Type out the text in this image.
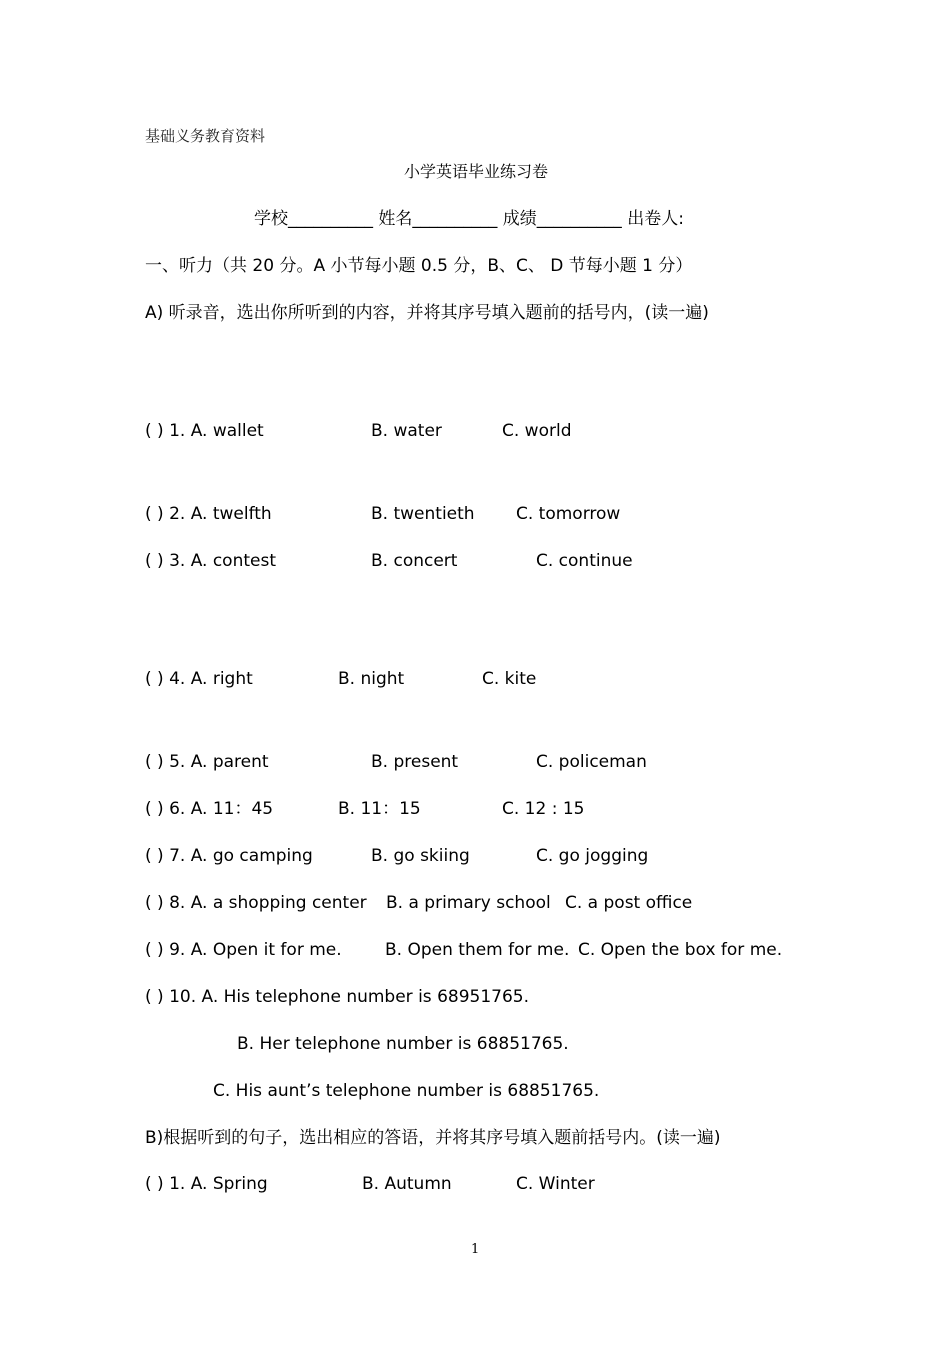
基础义务教育资料
小学英语毕业练习卷
学校__________ 姓名__________ 成绩__________ 出卷人:
一、听力（共 20 分。A 小节每小题 0.5 分，B、C、 D 节每小题 1 分）
A) 听录音，选出你所听到的内容，并将其序号填入题前的括号内，(读一遍)
( ) 1. A. wallet	B. water	C. world
( ) 2. A. twelfth	B. twentieth C. tomorrow
( ) 3. A. contest	B. concert	C. continue
( ) 4. A. right	B. night	C. kite
( ) 5. A. parent	B. present	C. policeman
( ) 6. A. 11：45	B. 11：15	C. 12 : 15
( ) 7. A. go camping	B. go skiing	C. go jogging
( ) 8. A. a shopping center B. a primary school C. a post office
( ) 9. A. Open it for me.	B. Open them for me. C. Open the box for me.
( ) 10. A. His telephone number is 68951765.
B. Her telephone number is 68851765.
C. His aunt’s telephone number is 68851765.
B)根据听到的句子，选出相应的答语，并将其序号填入题前括号内。(读一遍)
( ) 1. A. Spring	B. Autumn	C. Winter
1
